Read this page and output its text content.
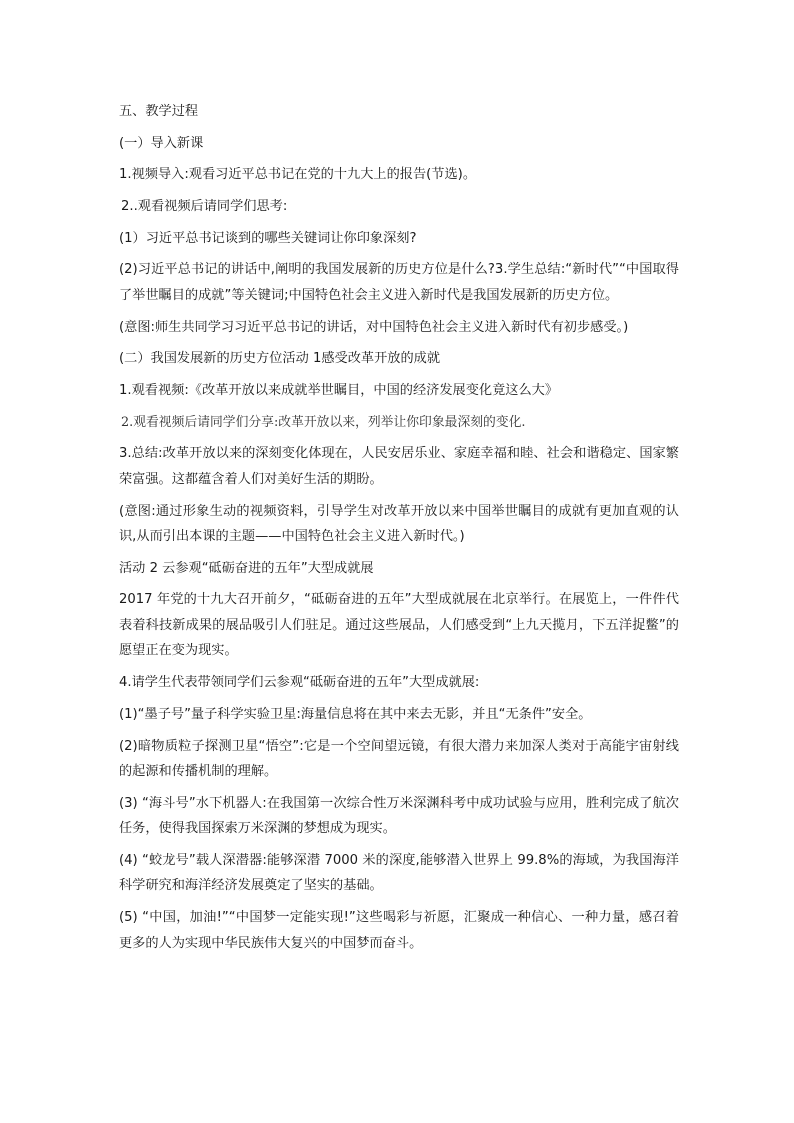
五、教学过程

(一）导入新课

1.视频导入:观看习近平总书记在党的十九大上的报告(节选)。

2..观看视频后请同学们思考:

(1）习近平总书记谈到的哪些关键词让你印象深刻?

(2)习近平总书记的讲话中,阐明的我国发展新的历史方位是什么?3.学生总结:“新时代”“中国取得了举世瞩目的成就”等关键词;中国特色社会主义进入新时代是我国发展新的历史方位。

(意图:师生共同学习习近平总书记的讲话，对中国特色社会主义进入新时代有初步感受。)

(二）我国发展新的历史方位活动 1感受改革开放的成就

1.观看视频:《改革开放以来成就举世瞩目，中国的经济发展变化竟这么大》

2.观看视频后请同学们分享:改革开放以来，列举让你印象最深刻的变化.

3.总结:改革开放以来的深刻变化体现在，人民安居乐业、家庭幸福和睦、社会和谐稳定、国家繁荣富强。这都蕴含着人们对美好生活的期盼。

(意图:通过形象生动的视频资料，引导学生对改革开放以来中国举世瞩目的成就有更加直观的认识,从而引出本课的主题——中国特色社会主义进入新时代。)

活动 2 云参观“砥砺奋进的五年”大型成就展

2017 年党的十九大召开前夕，“砥砺奋进的五年”大型成就展在北京举行。在展览上，一件件代表着科技新成果的展品吸引人们驻足。通过这些展品，人们感受到“上九天揽月，下五洋捉鳖”的愿望正在变为现实。

4.请学生代表带领同学们云参观“砥砺奋进的五年”大型成就展:

(1)“墨子号”量子科学实验卫星:海量信息将在其中来去无影，并且“无条件”安全。

(2)暗物质粒子探测卫星“悟空”:它是一个空间望远镜，有很大潜力来加深人类对于高能宇宙射线的起源和传播机制的理解。

(3) “海斗号”水下机器人:在我国第一次综合性万米深渊科考中成功试验与应用，胜利完成了航次任务，使得我国探索万米深渊的梦想成为现实。

(4) “蛟龙号”载人深潜器:能够深潜 7000 米的深度,能够潜入世界上 99.8%的海域，为我国海洋科学研究和海洋经济发展奠定了坚实的基础。

(5) “中国，加油!”“中国梦一定能实现!”这些喝彩与祈愿，汇聚成一种信心、一种力量，感召着更多的人为实现中华民族伟大复兴的中国梦而奋斗。
